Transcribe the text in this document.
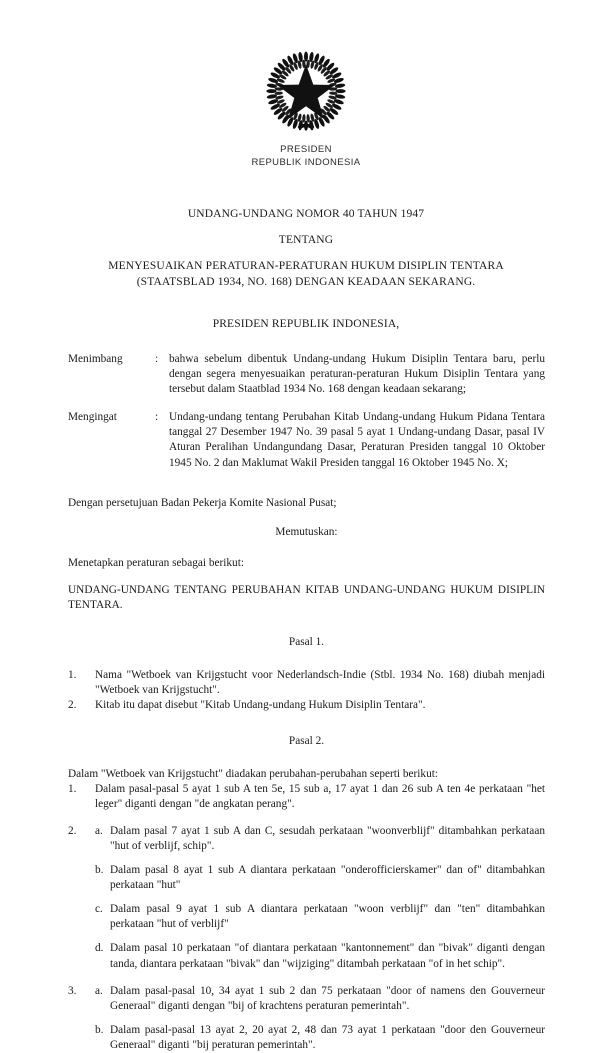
PRESIDEN
REPUBLIK INDONESIA
UNDANG-UNDANG NOMOR 40 TAHUN 1947
TENTANG
MENYESUAIKAN PERATURAN-PERATURAN HUKUM DISIPLIN TENTARA
(STAATSBLAD 1934, NO. 168) DENGAN KEADAAN SEKARANG.
PRESIDEN REPUBLIK INDONESIA,
Menimbang	: bahwa sebelum dibentuk Undang-undang Hukum Disiplin Tentara baru, perlu dengan segera menyesuaikan peraturan-peraturan Hukum Disiplin Tentara yang tersebut dalam Staatblad 1934 No. 168 dengan keadaan sekarang;
Mengingat	: Undang-undang tentang Perubahan Kitab Undang-undang Hukum Pidana Tentara tanggal 27 Desember 1947 No. 39 pasal 5 ayat 1 Undang-undang Dasar, pasal IV Aturan Peralihan Undangundang Dasar, Peraturan Presiden tanggal 10 Oktober 1945 No. 2 dan Maklumat Wakil Presiden tanggal 16 Oktober 1945 No. X;
Dengan persetujuan Badan Pekerja Komite Nasional Pusat;
Memutuskan:
Menetapkan peraturan sebagai berikut:
UNDANG-UNDANG TENTANG PERUBAHAN KITAB UNDANG-UNDANG HUKUM DISIPLIN TENTARA.
Pasal 1.
1.	Nama "Wetboek van Krijgstucht voor Nederlandsch-Indie (Stbl. 1934 No. 168) diubah menjadi "Wetboek van Krijgstucht".
2.	Kitab itu dapat disebut "Kitab Undang-undang Hukum Disiplin Tentara".
Pasal 2.
Dalam "Wetboek van Krijgstucht" diadakan perubahan-perubahan seperti berikut:
1.	Dalam pasal-pasal 5 ayat 1 sub A ten 5e, 15 sub a, 17 ayat 1 dan 26 sub A ten 4e perkataan "het leger" diganti dengan "de angkatan perang".
2.	a. Dalam pasal 7 ayat 1 sub A dan C, sesudah perkataan "woonverblijf" ditambahkan perkataan "hut of verblijf, schip".
b. Dalam pasal 8 ayat 1 sub A diantara perkataan "onderofficierskamer" dan of" ditambahkan perkataan "hut"
c. Dalam pasal 9 ayat 1 sub A diantara perkataan "woon verblijf" dan "ten" ditambahkan perkataan "hut of verblijf"
d. Dalam pasal 10 perkataan "of diantara perkataan "kantonnement" dan "bivak" diganti dengan tanda, diantara perkataan "bivak" dan "wijziging" ditambah perkataan "of in het schip".
3.	a. Dalam pasal-pasal 10, 34 ayat 1 sub 2 dan 75 perkataan "door of namens den Gouverneur Generaal" diganti dengan "bij of krachtens peraturan pemerintah".
b. Dalam pasal-pasal 13 ayat 2, 20 ayat 2, 48 dan 73 ayat 1 perkataan "door den Gouverneur Generaal" diganti "bij peraturan pemerintah".
